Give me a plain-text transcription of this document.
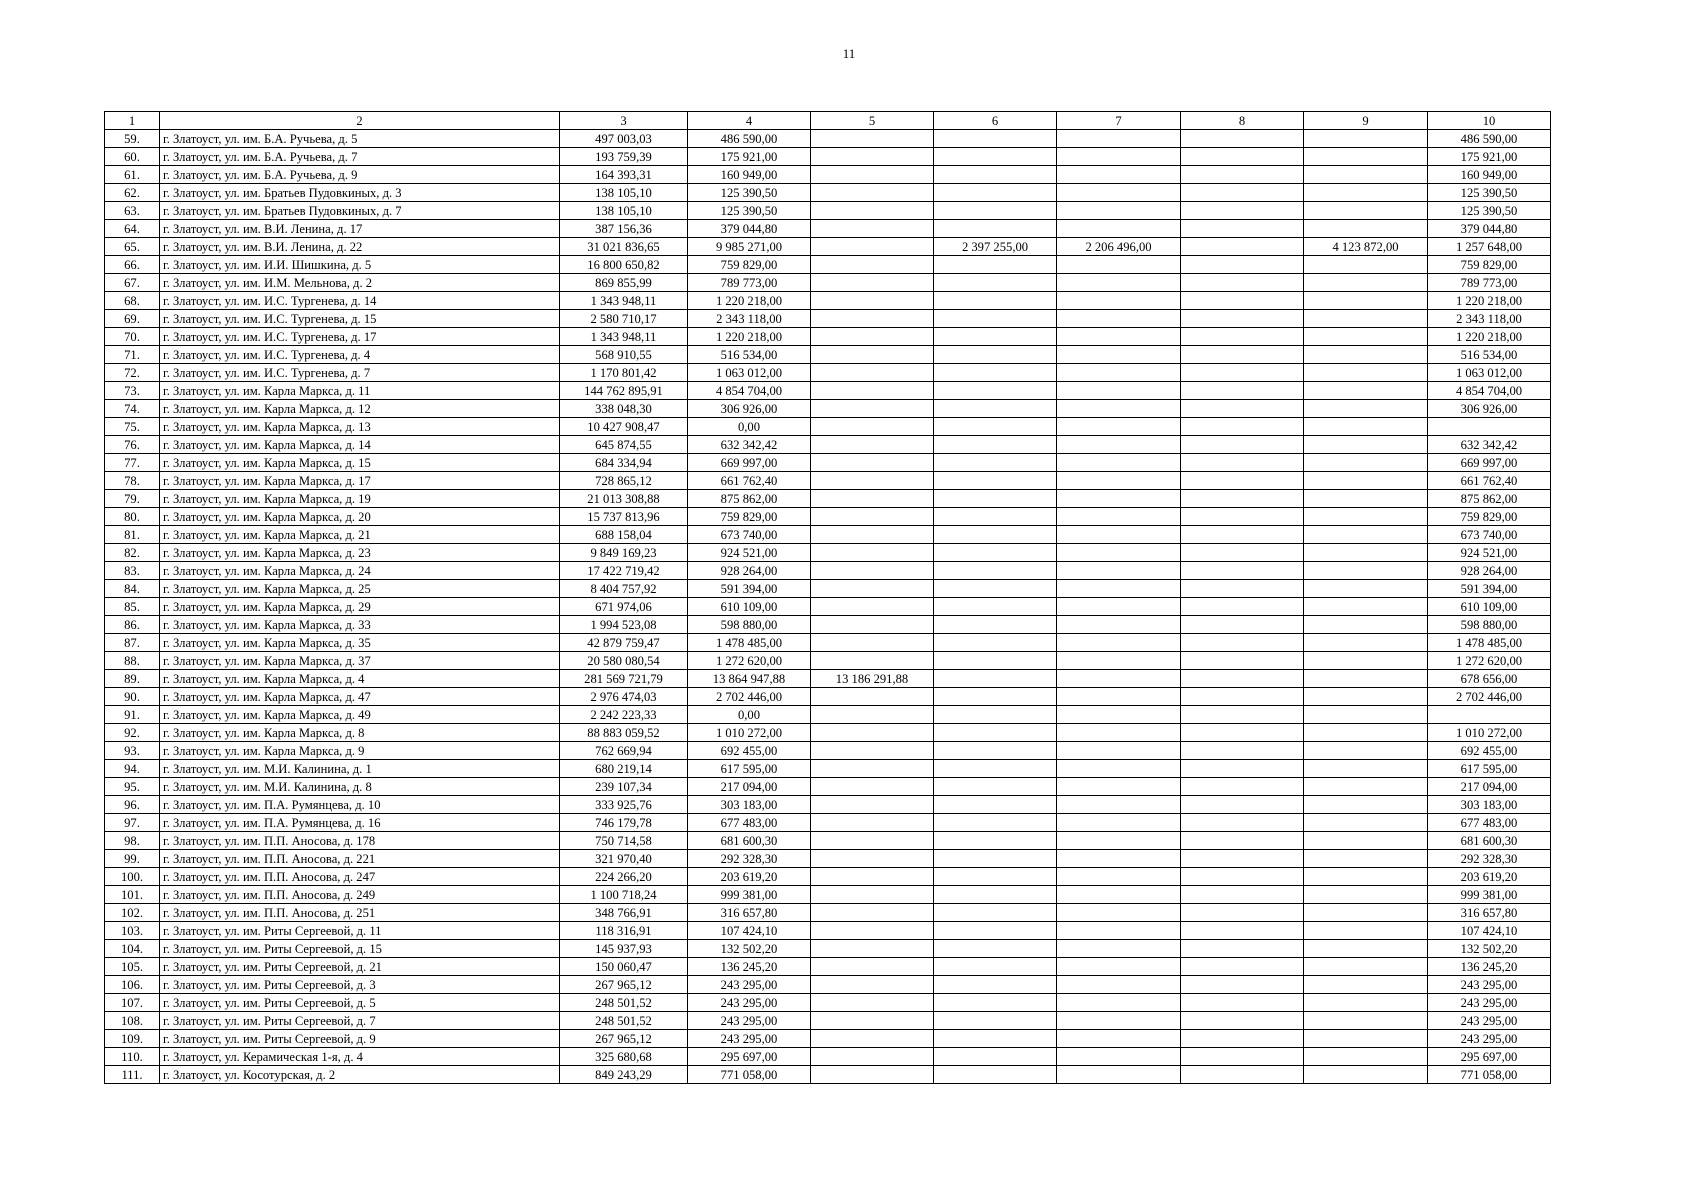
11
1	2	3	4	5	6	7	8	9	10
59.	г. Златоуст, ул. им. Б.А. Ручьева, д. 5	497 003,03	486 590,00						486 590,00
60.	г. Златоуст, ул. им. Б.А. Ручьева, д. 7	193 759,39	175 921,00						175 921,00
61.	г. Златоуст, ул. им. Б.А. Ручьева, д. 9	164 393,31	160 949,00						160 949,00
62.	г. Златоуст, ул. им. Братьев Пудовкиных, д. 3	138 105,10	125 390,50						125 390,50
63.	г. Златоуст, ул. им. Братьев Пудовкиных, д. 7	138 105,10	125 390,50						125 390,50
64.	г. Златоуст, ул. им. В.И. Ленина, д. 17	387 156,36	379 044,80						379 044,80
65.	г. Златоуст, ул. им. В.И. Ленина, д. 22	31 021 836,65	9 985 271,00		2 397 255,00	2 206 496,00		4 123 872,00	1 257 648,00
66.	г. Златоуст, ул. им. И.И. Шишкина, д. 5	16 800 650,82	759 829,00						759 829,00
67.	г. Златоуст, ул. им. И.М. Мельнова, д. 2	869 855,99	789 773,00						789 773,00
68.	г. Златоуст, ул. им. И.С. Тургенева, д. 14	1 343 948,11	1 220 218,00						1 220 218,00
69.	г. Златоуст, ул. им. И.С. Тургенева, д. 15	2 580 710,17	2 343 118,00						2 343 118,00
70.	г. Златоуст, ул. им. И.С. Тургенева, д. 17	1 343 948,11	1 220 218,00						1 220 218,00
71.	г. Златоуст, ул. им. И.С. Тургенева, д. 4	568 910,55	516 534,00						516 534,00
72.	г. Златоуст, ул. им. И.С. Тургенева, д. 7	1 170 801,42	1 063 012,00						1 063 012,00
73.	г. Златоуст, ул. им. Карла Маркса, д. 11	144 762 895,91	4 854 704,00						4 854 704,00
74.	г. Златоуст, ул. им. Карла Маркса, д. 12	338 048,30	306 926,00						306 926,00
75.	г. Златоуст, ул. им. Карла Маркса, д. 13	10 427 908,47	0,00						
76.	г. Златоуст, ул. им. Карла Маркса, д. 14	645 874,55	632 342,42						632 342,42
77.	г. Златоуст, ул. им. Карла Маркса, д. 15	684 334,94	669 997,00						669 997,00
78.	г. Златоуст, ул. им. Карла Маркса, д. 17	728 865,12	661 762,40						661 762,40
79.	г. Златоуст, ул. им. Карла Маркса, д. 19	21 013 308,88	875 862,00						875 862,00
80.	г. Златоуст, ул. им. Карла Маркса, д. 20	15 737 813,96	759 829,00						759 829,00
81.	г. Златоуст, ул. им. Карла Маркса, д. 21	688 158,04	673 740,00						673 740,00
82.	г. Златоуст, ул. им. Карла Маркса, д. 23	9 849 169,23	924 521,00						924 521,00
83.	г. Златоуст, ул. им. Карла Маркса, д. 24	17 422 719,42	928 264,00						928 264,00
84.	г. Златоуст, ул. им. Карла Маркса, д. 25	8 404 757,92	591 394,00						591 394,00
85.	г. Златоуст, ул. им. Карла Маркса, д. 29	671 974,06	610 109,00						610 109,00
86.	г. Златоуст, ул. им. Карла Маркса, д. 33	1 994 523,08	598 880,00						598 880,00
87.	г. Златоуст, ул. им. Карла Маркса, д. 35	42 879 759,47	1 478 485,00						1 478 485,00
88.	г. Златоуст, ул. им. Карла Маркса, д. 37	20 580 080,54	1 272 620,00						1 272 620,00
89.	г. Златоуст, ул. им. Карла Маркса, д. 4	281 569 721,79	13 864 947,88	13 186 291,88					678 656,00
90.	г. Златоуст, ул. им. Карла Маркса, д. 47	2 976 474,03	2 702 446,00						2 702 446,00
91.	г. Златоуст, ул. им. Карла Маркса, д. 49	2 242 223,33	0,00						
92.	г. Златоуст, ул. им. Карла Маркса, д. 8	88 883 059,52	1 010 272,00						1 010 272,00
93.	г. Златоуст, ул. им. Карла Маркса, д. 9	762 669,94	692 455,00						692 455,00
94.	г. Златоуст, ул. им. М.И. Калинина, д. 1	680 219,14	617 595,00						617 595,00
95.	г. Златоуст, ул. им. М.И. Калинина, д. 8	239 107,34	217 094,00						217 094,00
96.	г. Златоуст, ул. им. П.А. Румянцева, д. 10	333 925,76	303 183,00						303 183,00
97.	г. Златоуст, ул. им. П.А. Румянцева, д. 16	746 179,78	677 483,00						677 483,00
98.	г. Златоуст, ул. им. П.П. Аносова, д. 178	750 714,58	681 600,30						681 600,30
99.	г. Златоуст, ул. им. П.П. Аносова, д. 221	321 970,40	292 328,30						292 328,30
100.	г. Златоуст, ул. им. П.П. Аносова, д. 247	224 266,20	203 619,20						203 619,20
101.	г. Златоуст, ул. им. П.П. Аносова, д. 249	1 100 718,24	999 381,00						999 381,00
102.	г. Златоуст, ул. им. П.П. Аносова, д. 251	348 766,91	316 657,80						316 657,80
103.	г. Златоуст, ул. им. Риты Сергеевой, д. 11	118 316,91	107 424,10						107 424,10
104.	г. Златоуст, ул. им. Риты Сергеевой, д. 15	145 937,93	132 502,20						132 502,20
105.	г. Златоуст, ул. им. Риты Сергеевой, д. 21	150 060,47	136 245,20						136 245,20
106.	г. Златоуст, ул. им. Риты Сергеевой, д. 3	267 965,12	243 295,00						243 295,00
107.	г. Златоуст, ул. им. Риты Сергеевой, д. 5	248 501,52	243 295,00						243 295,00
108.	г. Златоуст, ул. им. Риты Сергеевой, д. 7	248 501,52	243 295,00						243 295,00
109.	г. Златоуст, ул. им. Риты Сергеевой, д. 9	267 965,12	243 295,00						243 295,00
110.	г. Златоуст, ул. Керамическая 1-я, д. 4	325 680,68	295 697,00						295 697,00
111.	г. Златоуст, ул. Косотурская, д. 2	849 243,29	771 058,00						771 058,00
